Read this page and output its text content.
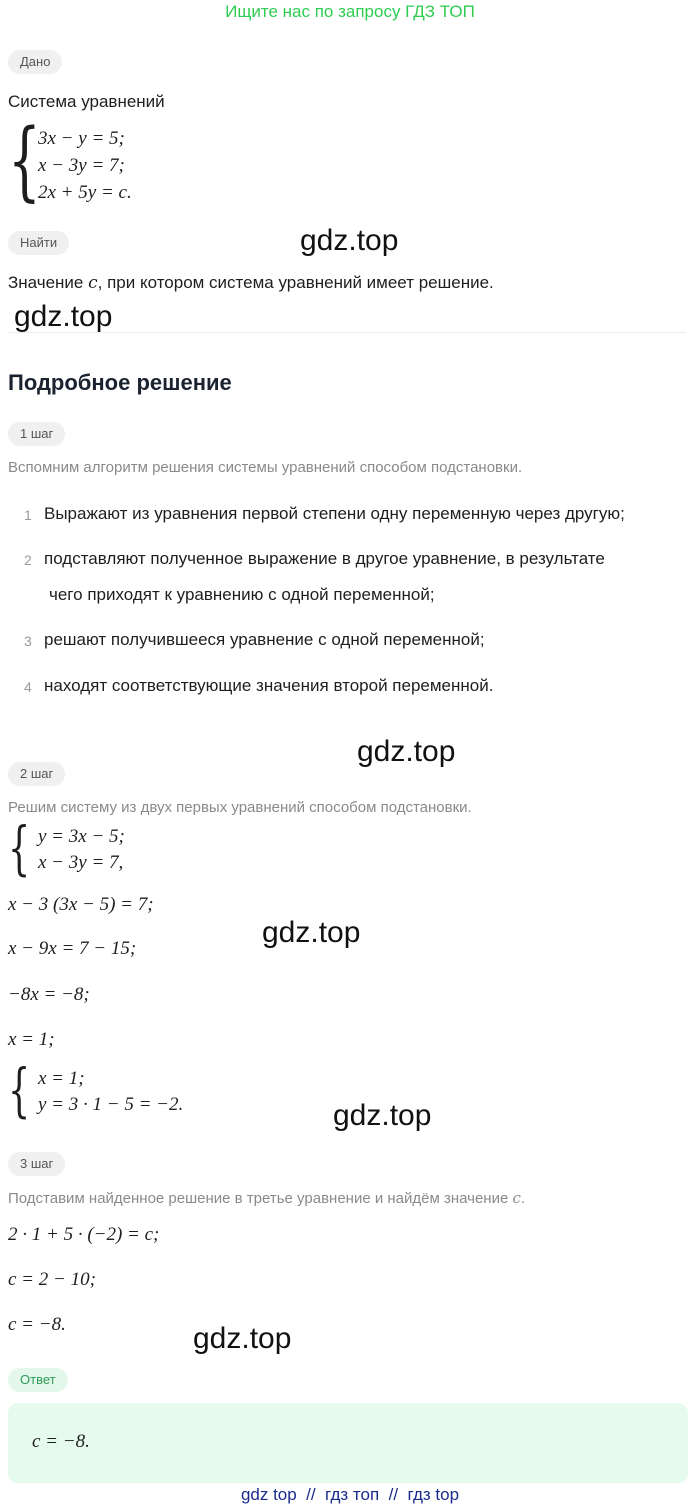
Ищите нас по запросу ГДЗ ТОП
Дано
Система уравнений
{
3x − y = 5;
x − 3y = 7;
2x + 5y = c.
Найти
Значение c, при котором система уравнений имеет решение.
Подробное решение
1 шаг
Вспомним алгоритм решения системы уравнений способом подстановки.
1 Выражают из уравнения первой степени одну переменную через другую;
2 подставляют полученное выражение в другое уравнение, в результате
чего приходят к уравнению с одной переменной;
3 решают получившееся уравнение с одной переменной;
4 находят соответствующие значения второй переменной.
2 шаг
Решим систему из двух первых уравнений способом подстановки.
{ y = 3x − 5;
x − 3y = 7,
x − 3 (3x − 5) = 7;
x − 9x = 7 − 15;
−8x = −8;
x = 1;
{ x = 1;
y = 3 · 1 − 5 = −2.
3 шаг
Подставим найденное решение в третье уравнение и найдём значение c.
2 · 1 + 5 · (−2) = c;
c = 2 − 10;
c = −8.
Ответ
c = −8.
gdz.top
gdz.top
gdz.top
gdz.top
gdz.top
gdz.top
gdz top  //  гдз топ  //  гдз top
